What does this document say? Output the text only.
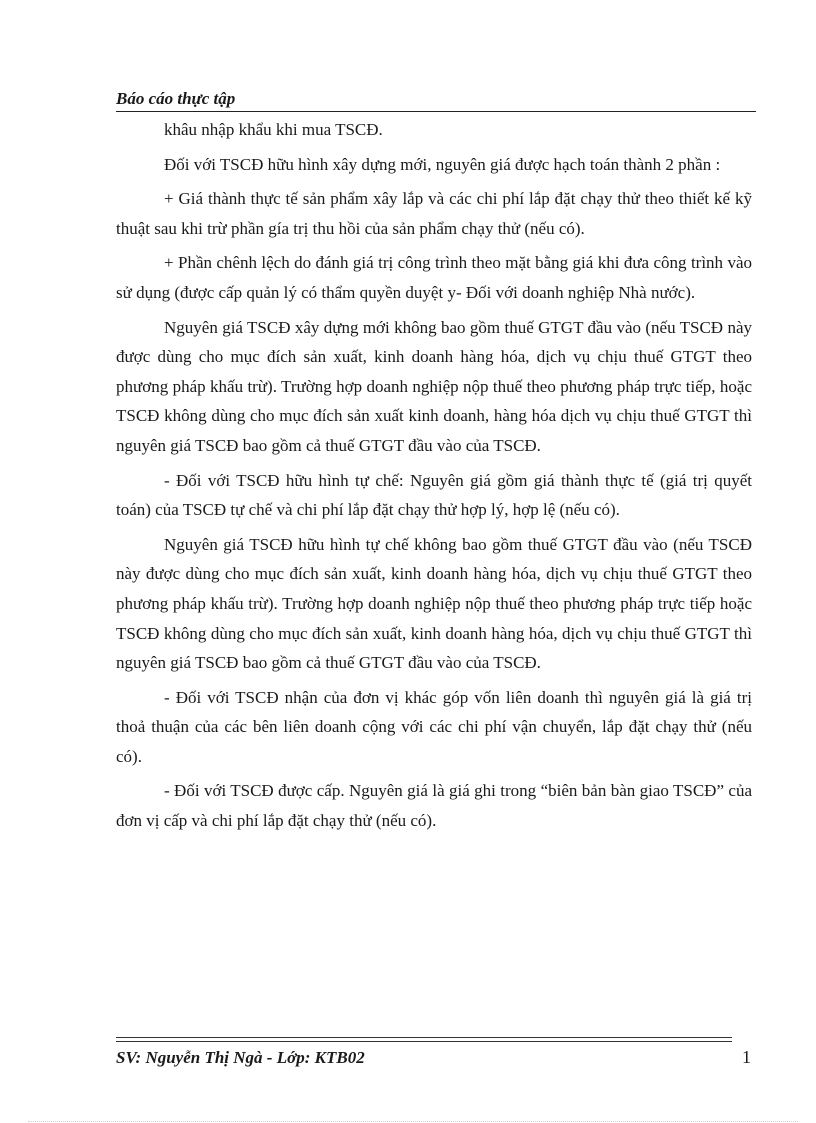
Báo cáo thực tập

khâu nhập khẩu khi mua TSCĐ.

Đối với TSCĐ hữu hình xây dựng mới, nguyên giá được hạch toán thành 2 phần :

+ Giá thành thực tế sản phẩm xây lắp và các chi phí lắp đặt chạy thử theo thiết kế kỹ thuật sau khi trừ phần gía trị thu hồi của sản phẩm chạy thử (nếu có).

+ Phần chênh lệch do đánh giá trị công trình theo mặt bằng giá khi đưa công trình vào sử dụng (được cấp quản lý có thẩm quyền duyệt y- Đối với doanh nghiệp Nhà nước).

Nguyên giá TSCĐ xây dựng mới không bao gồm thuế GTGT đầu vào (nếu TSCĐ này được dùng cho mục đích sản xuất, kinh doanh hàng hóa, dịch vụ chịu thuế GTGT theo phương pháp khấu trừ). Trường hợp doanh nghiệp nộp thuế theo phương pháp trực tiếp, hoặc TSCĐ không dùng cho mục đích sản xuất kinh doanh, hàng hóa dịch vụ chịu thuế GTGT thì nguyên giá TSCĐ bao gồm cả thuế GTGT đầu vào của TSCĐ.

- Đối với TSCĐ hữu hình tự chế: Nguyên giá gồm giá thành thực tế (giá trị quyết toán) của TSCĐ tự chế và chi phí lắp đặt chạy thử hợp lý, hợp lệ (nếu có).

Nguyên giá TSCĐ hữu hình tự chế không bao gồm thuế GTGT đầu vào (nếu TSCĐ này được dùng cho mục đích sản xuất, kinh doanh hàng hóa, dịch vụ chịu thuế GTGT theo phương pháp khấu trừ). Trường hợp doanh nghiệp nộp thuế theo phương pháp trực tiếp hoặc TSCĐ không dùng cho mục đích sản xuất, kinh doanh hàng hóa, dịch vụ chịu thuế GTGT thì nguyên giá TSCĐ bao gồm cả thuế GTGT đầu vào của TSCĐ.

- Đối với TSCĐ nhận của đơn vị khác góp vốn liên doanh thì nguyên giá là giá trị thoả thuận của các bên liên doanh cộng với các chi phí vận chuyển, lắp đặt chạy thử (nếu có).

- Đối với TSCĐ được cấp. Nguyên giá là giá ghi trong “biên bản bàn giao TSCĐ” của đơn vị cấp và chi phí lắp đặt chạy thử (nếu có).

SV: Nguyễn Thị Ngà - Lớp: KTB02	1
